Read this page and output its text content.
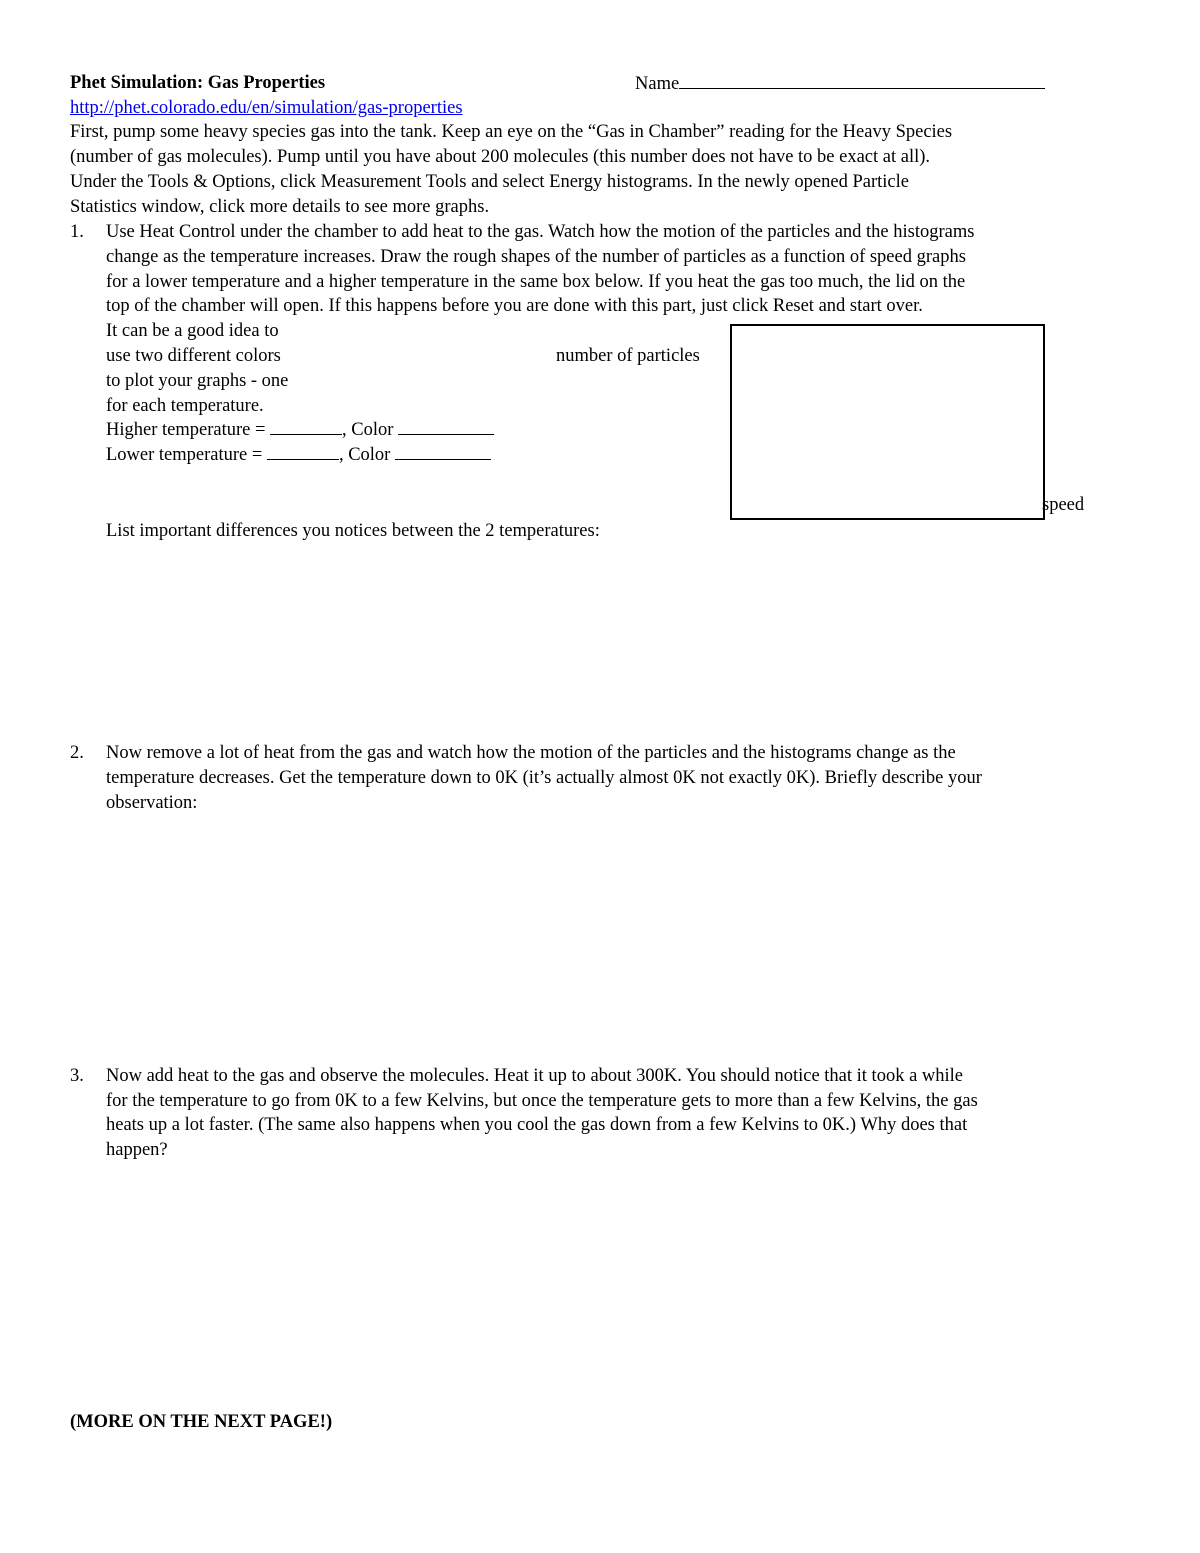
Phet Simulation: Gas Properties	Name
http://phet.colorado.edu/en/simulation/gas-properties
First, pump some heavy species gas into the tank. Keep an eye on the “Gas in Chamber” reading for the Heavy Species
(number of gas molecules). Pump until you have about 200 molecules (this number does not have to be exact at all).
Under the Tools & Options, click Measurement Tools and select Energy histograms. In the newly opened Particle
Statistics window, click more details to see more graphs.
1. Use Heat Control under the chamber to add heat to the gas. Watch how the motion of the particles and the histograms
change as the temperature increases. Draw the rough shapes of the number of particles as a function of speed graphs
for a lower temperature and a higher temperature in the same box below. If you heat the gas too much, the lid on the
top of the chamber will open. If this happens before you are done with this part, just click Reset and start over.
It can be a good idea to
use two different colors
to plot your graphs - one
for each temperature.
Higher temperature =	, Color
Lower temperature =	, Color
number of particles
speed
List important differences you notices between the 2 temperatures:
2. Now remove a lot of heat from the gas and watch how the motion of the particles and the histograms change as the
temperature decreases. Get the temperature down to 0K (it’s actually almost 0K not exactly 0K). Briefly describe your
observation:
3. Now add heat to the gas and observe the molecules. Heat it up to about 300K. You should notice that it took a while
for the temperature to go from 0K to a few Kelvins, but once the temperature gets to more than a few Kelvins, the gas
heats up a lot faster. (The same also happens when you cool the gas down from a few Kelvins to 0K.) Why does that
happen?
(MORE ON THE NEXT PAGE!)
